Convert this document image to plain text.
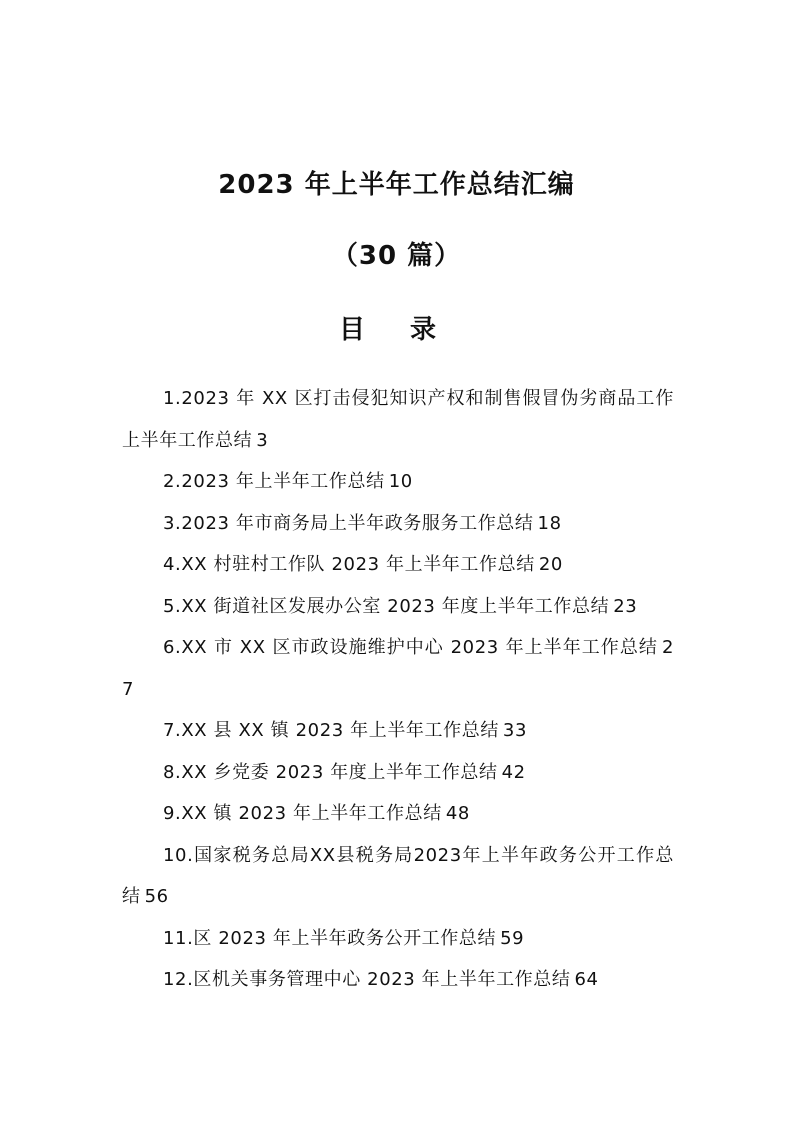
2023 年上半年工作总结汇编
（30 篇）
目 录
1.2023 年 XX 区打击侵犯知识产权和制售假冒伪劣商品工作上半年工作总结 3
2.2023 年上半年工作总结 10
3.2023 年市商务局上半年政务服务工作总结 18
4.XX 村驻村工作队 2023 年上半年工作总结 20
5.XX 街道社区发展办公室 2023 年度上半年工作总结 23
6.XX 市 XX 区市政设施维护中心 2023 年上半年工作总结 27
7.XX 县 XX 镇 2023 年上半年工作总结 33
8.XX 乡党委 2023 年度上半年工作总结 42
9.XX 镇 2023 年上半年工作总结 48
10.国家税务总局XX县税务局2023年上半年政务公开工作总结 56
11.区 2023 年上半年政务公开工作总结 59
12.区机关事务管理中心 2023 年上半年工作总结 64
